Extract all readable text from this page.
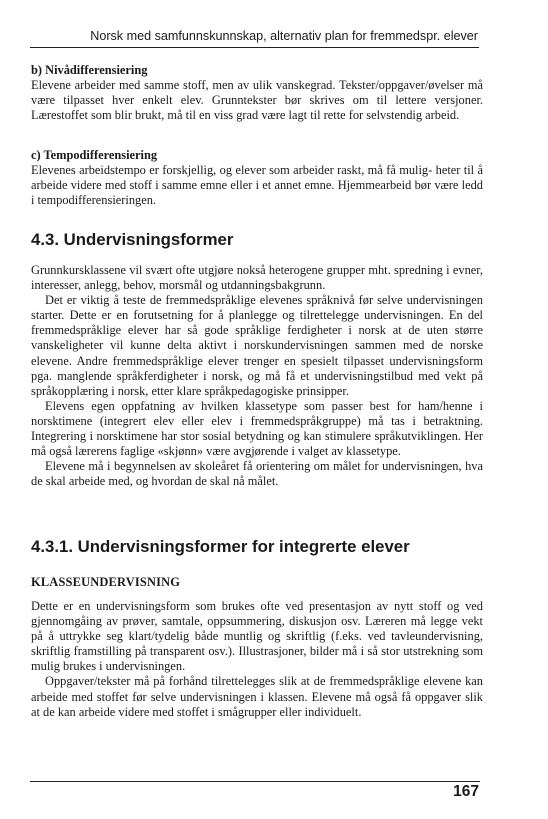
Norsk med samfunnskunnskap, alternativ plan for fremmedspr. elever

b) Nivådifferensiering

Elevene arbeider med samme stoff, men av ulik vanskegrad. Tekster/oppgaver/øvelser må være tilpasset hver enkelt elev. Grunntekster bør skrives om til lettere versjoner. Lærestoffet som blir brukt, må til en viss grad være lagt til rette for selvstendig arbeid.

c) Tempodifferensiering

Elevenes arbeidstempo er forskjellig, og elever som arbeider raskt, må få mulig- heter til å arbeide videre med stoff i samme emne eller i et annet emne. Hjemmearbeid bør være ledd i tempodifferensieringen.

4.3. Undervisningsformer

Grunnkursklassene vil svært ofte utgjøre nokså heterogene grupper mht. spredning i evner, interesser, anlegg, behov, morsmål og utdanningsbakgrunn.

Det er viktig å teste de fremmedspråklige elevenes språknivå før selve undervisningen starter. Dette er en forutsetning for å planlegge og tilrettelegge undervisningen. En del fremmedspråklige elever har så gode språklige ferdigheter i norsk at de uten større vanskeligheter vil kunne delta aktivt i norskundervisningen sammen med de norske elevene. Andre fremmedspråklige elever trenger en spesielt tilpasset undervisningsform pga. manglende språkferdigheter i norsk, og må få et undervisningstilbud med vekt på språkopplæring i norsk, etter klare språkpedagogiske prinsipper.

Elevens egen oppfatning av hvilken klassetype som passer best for ham/henne i norsktimene (integrert elev eller elev i fremmedspråkgruppe) må tas i betraktning. Integrering i norsktimene har stor sosial betydning og kan stimulere språkutviklingen. Her må også lærerens faglige «skjønn» være avgjørende i valget av klassetype.

Elevene må i begynnelsen av skoleåret få orientering om målet for undervisningen, hva de skal arbeide med, og hvordan de skal nå målet.

4.3.1. Undervisningsformer for integrerte elever

KLASSEUNDERVISNING

Dette er en undervisningsform som brukes ofte ved presentasjon av nytt stoff og ved gjennomgåing av prøver, samtale, oppsummering, diskusjon osv. Læreren må legge vekt på å uttrykke seg klart/tydelig både muntlig og skriftlig (f.eks. ved tavleundervisning, skriftlig framstilling på transparent osv.). Illustrasjoner, bilder må i så stor utstrekning som mulig brukes i undervisningen.

Oppgaver/tekster må på forhånd tilrettelegges slik at de fremmedspråklige elevene kan arbeide med stoffet før selve undervisningen i klassen. Elevene må også få oppgaver slik at de kan arbeide videre med stoffet i smågrupper eller individuelt.

167
